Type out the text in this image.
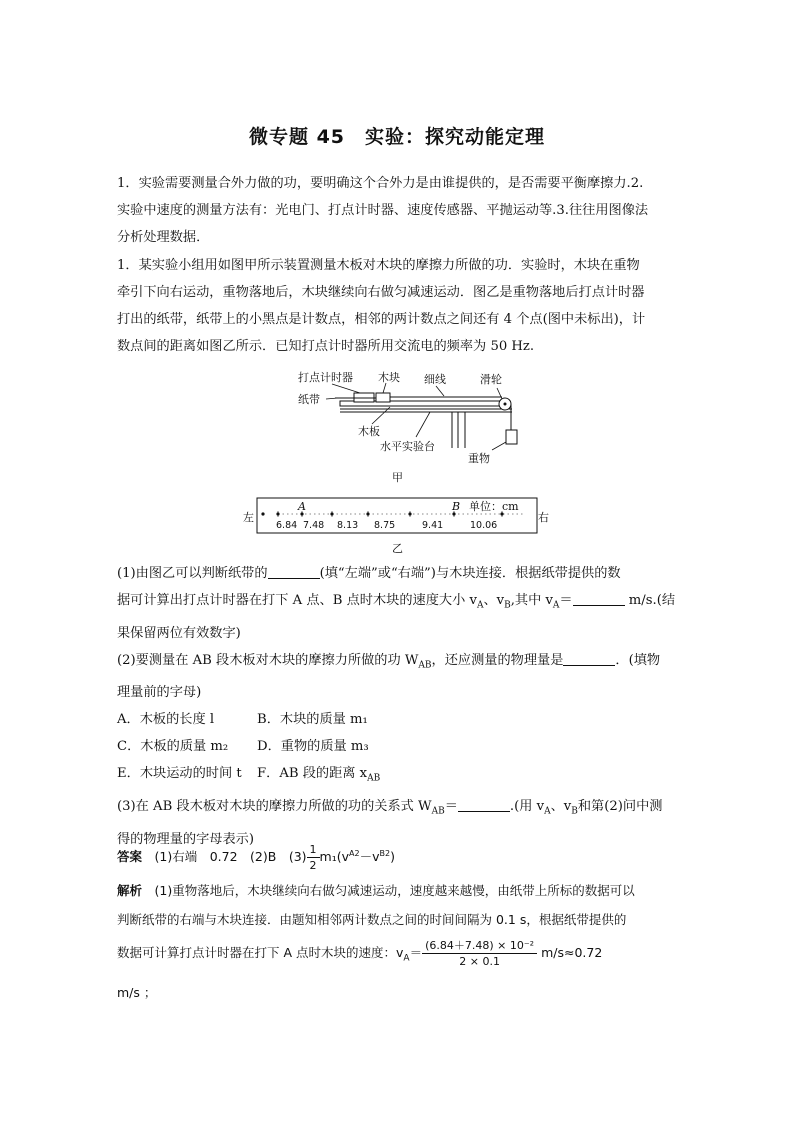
微专题 45　实验：探究动能定理

1．实验需要测量合外力做的功，要明确这个合外力是由谁提供的，是否需要平衡摩擦力.2.

实验中速度的测量方法有：光电门、打点计时器、速度传感器、平抛运动等.3.往往用图像法

分析处理数据．

1．某实验小组用如图甲所示装置测量木板对木块的摩擦力所做的功．实验时，木块在重物

牵引下向右运动，重物落地后，木块继续向右做匀减速运动．图乙是重物落地后打点计时器

打出的纸带，纸带上的小黑点是计数点，相邻的两计数点之间还有 4 个点(图中未标出)，计

数点间的距离如图乙所示．已知打点计时器所用交流电的频率为 50 Hz.

打点计时器 木块 细线	滑轮
纸带
木板
水平实验台
重物
甲
左	右
A	B 单位：cm
6.84 7.48 8.13 8.75	9.41	10.06
乙

(1)由图乙可以判断纸带的	(填“左端”或“右端”)与木块连接．根据纸带提供的数

据可计算出打点计时器在打下 A 点、B 点时木块的速度大小 $v_A$、$v_B$,其中 $v_A=$	m/s.(结

果保留两位有效数字)

(2)要测量在 AB 段木板对木块的摩擦力所做的功 $W_{AB}$，还应测量的物理量是	．(填物

理量前的字母)

A．木板的长度 l	B．木块的质量 m₁

C．木板的质量 m₂ D．重物的质量 m₃

E．木块运动的时间 t F．AB 段的距离 $x_{AB}$

(3)在 AB 段木板对木块的摩擦力所做的功的关系式 $W_{AB}=$	.(用 $v_A$、$v_B$和第(2)问中测

得的物理量的字母表示)

答案　(1)右端　0.72　(2)B　$(3) \frac{1}{2} m_1(v^{A2}-v^{B2})$

解析　(1)重物落地后，木块继续向右做匀减速运动，速度越来越慢，由纸带上所标的数据可以

判断纸带的右端与木块连接．由题知相邻两计数点之间的时间间隔为 0.1 s，根据纸带提供的

数据可计算打点计时器在打下 A 点时木块的速度：$v_A= \frac{\text{(6.84＋7.48) × 10⁻²}}{2 \times 0.1} m/s\approx 0.72$

m/s ；
